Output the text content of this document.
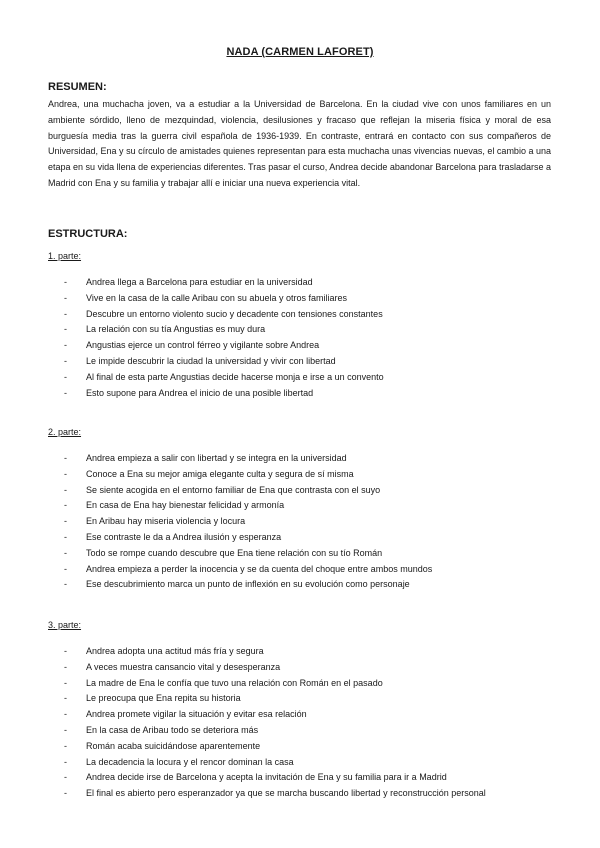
NADA (CARMEN LAFORET)
RESUMEN:
Andrea, una muchacha joven, va a estudiar a la Universidad de Barcelona. En la ciudad vive con unos familiares en un ambiente sórdido, lleno de mezquindad, violencia, desilusiones y fracaso que reflejan la miseria física y moral de esa burguesía media tras la guerra civil española de 1936-1939. En contraste, entrará en contacto con sus compañeros de Universidad, Ena y su círculo de amistades quienes representan para esta muchacha unas vivencias nuevas, el cambio a una etapa en su vida llena de experiencias diferentes. Tras pasar el curso, Andrea decide abandonar Barcelona para trasladarse a Madrid con Ena y su familia y trabajar allí e iniciar una nueva experiencia vital.
ESTRUCTURA:
1. parte:
- Andrea llega a Barcelona para estudiar en la universidad
- Vive en la casa de la calle Aribau con su abuela y otros familiares
- Descubre un entorno violento sucio y decadente con tensiones constantes
- La relación con su tía Angustias es muy dura
- Angustias ejerce un control férreo y vigilante sobre Andrea
- Le impide descubrir la ciudad la universidad y vivir con libertad
- Al final de esta parte Angustias decide hacerse monja e irse a un convento
- Esto supone para Andrea el inicio de una posible libertad
2. parte:
- Andrea empieza a salir con libertad y se integra en la universidad
- Conoce a Ena su mejor amiga elegante culta y segura de sí misma
- Se siente acogida en el entorno familiar de Ena que contrasta con el suyo
- En casa de Ena hay bienestar felicidad y armonía
- En Aribau hay miseria violencia y locura
- Ese contraste le da a Andrea ilusión y esperanza
- Todo se rompe cuando descubre que Ena tiene relación con su tío Román
- Andrea empieza a perder la inocencia y se da cuenta del choque entre ambos mundos
- Ese descubrimiento marca un punto de inflexión en su evolución como personaje
3. parte:
- Andrea adopta una actitud más fría y segura
- A veces muestra cansancio vital y desesperanza
- La madre de Ena le confía que tuvo una relación con Román en el pasado
- Le preocupa que Ena repita su historia
- Andrea promete vigilar la situación y evitar esa relación
- En la casa de Aribau todo se deteriora más
- Román acaba suicidándose aparentemente
- La decadencia la locura y el rencor dominan la casa
- Andrea decide irse de Barcelona y acepta la invitación de Ena y su familia para ir a Madrid
- El final es abierto pero esperanzador ya que se marcha buscando libertad y reconstrucción personal
